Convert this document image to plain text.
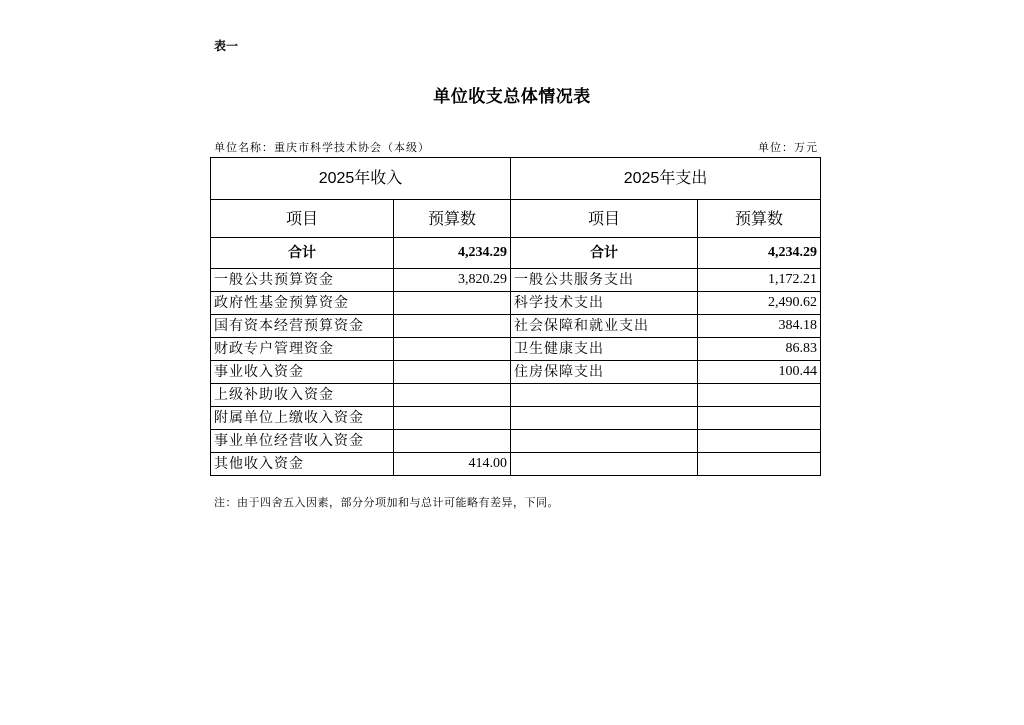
表一
单位收支总体情况表
单位名称：重庆市科学技术协会（本级）	单位：万元
2025年收入		2025年支出	
项目	预算数	项目	预算数
合计	4,234.29	合计	4,234.29
一般公共预算资金	3,820.29	一般公共服务支出	1,172.21
政府性基金预算资金		科学技术支出	2,490.62
国有资本经营预算资金		社会保障和就业支出	384.18
财政专户管理资金		卫生健康支出	86.83
事业收入资金		住房保障支出	100.44
上级补助收入资金			
附属单位上缴收入资金			
事业单位经营收入资金			
其他收入资金	414.00		
注：由于四舍五入因素，部分分项加和与总计可能略有差异，下同。
